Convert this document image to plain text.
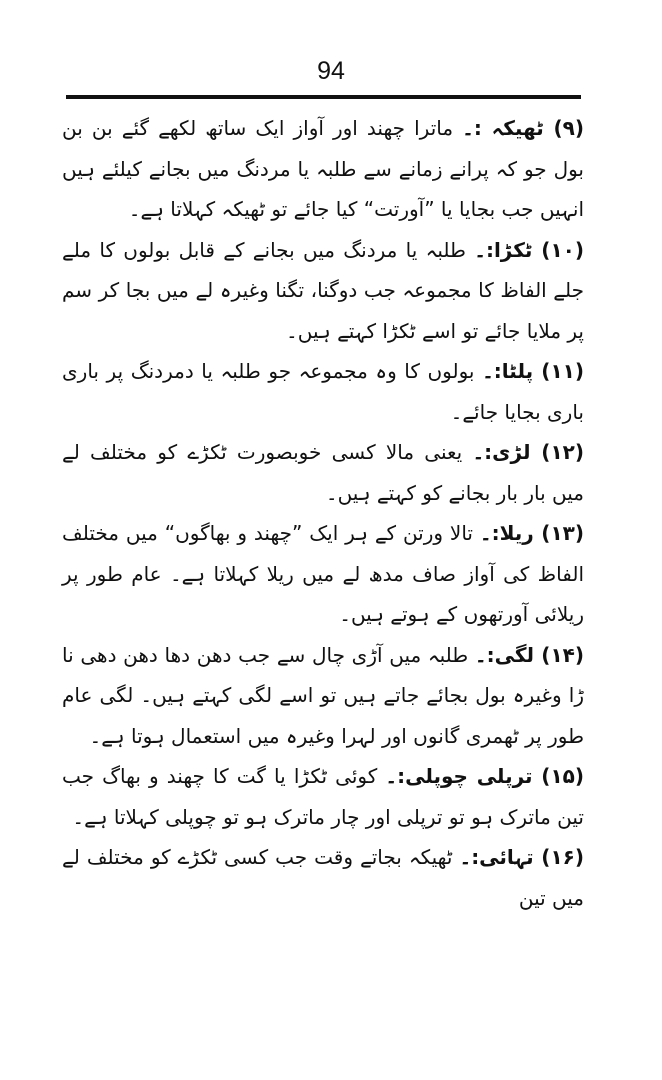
94

(۹) ٹھیکہ :۔ ماترا چھند اور آواز ایک ساتھ لکھے گئے بن بن بول جو کہ پرانے زمانے سے طلبہ یا مردنگ میں بجانے کیلئے ہیں انہیں جب بجایا یا ”آورتت“ کیا جائے تو ٹھیکہ کہلاتا ہے۔

(۱۰) ٹکڑا:۔ طلبہ یا مردنگ میں بجانے کے قابل بولوں کا ملے جلے الفاظ کا مجموعہ جب دوگنا، تگنا وغیرہ لے میں بجا کر سم پر ملایا جائے تو اسے ٹکڑا کہتے ہیں۔

(۱۱) پلٹا:۔ بولوں کا وہ مجموعہ جو طلبہ یا دمردنگ پر باری باری بجایا جائے۔

(۱۲) لڑی:۔ یعنی مالا کسی خوبصورت ٹکڑے کو مختلف لے میں بار بار بجانے کو کہتے ہیں۔

(۱۳) ریلا:۔ تالا ورتن کے ہر ایک ”چھند و بھاگوں“ میں مختلف الفاظ کی آواز صاف مدھ لے میں ریلا کہلاتا ہے۔ عام طور پر ریلائی آورتھوں کے ہوتے ہیں۔

(۱۴) لگی:۔ طلبہ میں آڑی چال سے جب دھن دھا دھن دھی نا ڑا وغیرہ بول بجائے جاتے ہیں تو اسے لگی کہتے ہیں۔ لگی عام طور پر ٹھمری گانوں اور لہرا وغیرہ میں استعمال ہوتا ہے۔

(۱۵) ترپلی چوپلی:۔ کوئی ٹکڑا یا گت کا چھند و بھاگ جب تین ماترک ہو تو ترپلی اور چار ماترک ہو تو چوپلی کہلاتا ہے۔

(۱۶) تہائی:۔ ٹھیکہ بجاتے وقت جب کسی ٹکڑے کو مختلف لے میں تین
